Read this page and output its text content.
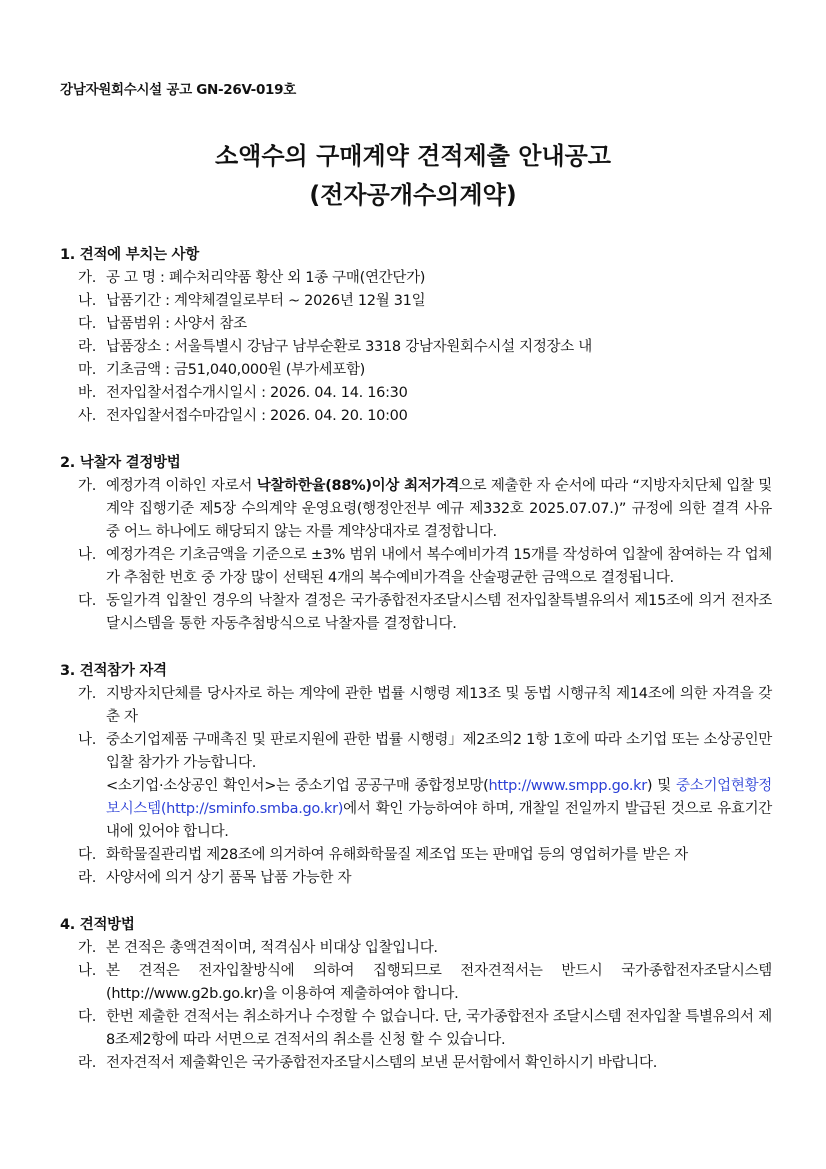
강남자원회수시설 공고 GN-26V-019호
소액수의 구매계약 견적제출 안내공고
(전자공개수의계약)
1. 견적에 부치는 사항
가. 공 고 명 : 폐수처리약품 황산 외 1종 구매(연간단가)
나. 납품기간 : 계약체결일로부터 ~ 2026년 12월 31일
다. 납품범위 : 사양서 참조
라. 납품장소 : 서울특별시 강남구 남부순환로 3318 강남자원회수시설 지정장소 내
마. 기초금액 : 금51,040,000원 (부가세포함)
바. 전자입찰서접수개시일시 : 2026. 04. 14. 16:30
사. 전자입찰서접수마감일시 : 2026. 04. 20. 10:00
2. 낙찰자 결정방법
가. 예정가격 이하인 자로서 낙찰하한율(88%)이상 최저가격으로 제출한 자 순서에 따라 “지방자치단체 입찰 및 계약 집행기준 제5장 수의계약 운영요령(행정안전부 예규 제332호 2025.07.07.)” 규정에 의한 결격 사유 중 어느 하나에도 해당되지 않는 자를 계약상대자로 결정합니다.
나. 예정가격은 기초금액을 기준으로 ±3% 범위 내에서 복수예비가격 15개를 작성하여 입찰에 참여하는 각 업체가 추첨한 번호 중 가장 많이 선택된 4개의 복수예비가격을 산술평균한 금액으로 결정됩니다.
다. 동일가격 입찰인 경우의 낙찰자 결정은 국가종합전자조달시스템 전자입찰특별유의서 제15조에 의거 전자조달시스템을 통한 자동추첨방식으로 낙찰자를 결정합니다.
3. 견적참가 자격
가. 지방자치단체를 당사자로 하는 계약에 관한 법률 시행령 제13조 및 동법 시행규칙 제14조에 의한 자격을 갖춘 자
나. 중소기업제품 구매촉진 및 판로지원에 관한 법률 시행령」제2조의2 1항 1호에 따라 소기업 또는 소상공인만 입찰 참가가 가능합니다.
<소기업·소상공인 확인서>는 중소기업 공공구매 종합정보망(http://www.smpp.go.kr) 및 중소기업현황정보시스템(http://sminfo.smba.go.kr)에서 확인 가능하여야 하며, 개찰일 전일까지 발급된 것으로 유효기간 내에 있어야 합니다.
다. 화학물질관리법 제28조에 의거하여 유해화학물질 제조업 또는 판매업 등의 영업허가를 받은 자
라. 사양서에 의거 상기 품목 납품 가능한 자
4. 견적방법
가. 본 견적은 총액견적이며, 적격심사 비대상 입찰입니다.
나. 본 견적은 전자입찰방식에 의하여 집행되므로 전자견적서는 반드시 국가종합전자조달시스템 (http://www.g2b.go.kr)을 이용하여 제출하여야 합니다.
다. 한번 제출한 견적서는 취소하거나 수정할 수 없습니다. 단, 국가종합전자 조달시스템 전자입찰 특별유의서 제8조제2항에 따라 서면으로 견적서의 취소를 신청 할 수 있습니다.
라. 전자견적서 제출확인은 국가종합전자조달시스템의 보낸 문서함에서 확인하시기 바랍니다.
